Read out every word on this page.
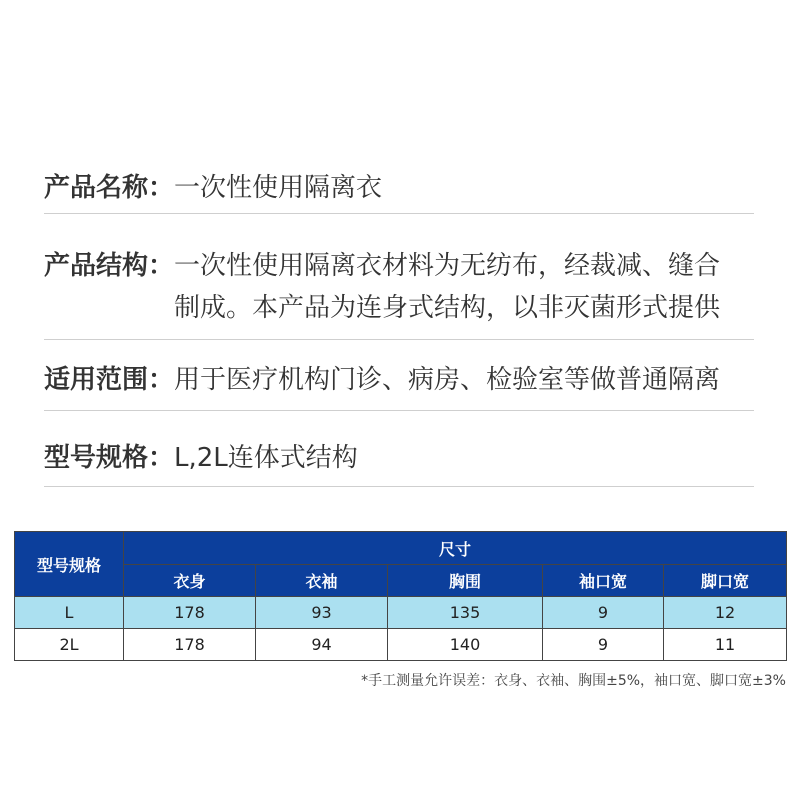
产品名称： 一次性使用隔离衣
产品结构： 一次性使用隔离衣材料为无纺布，经裁减、缝合
制成。本产品为连身式结构，以非灭菌形式提供
适用范围： 用于医疗机构门诊、病房、检验室等做普通隔离
型号规格： L,2L连体式结构
型号规格	尺寸				
	衣身	衣袖	胸围	袖口宽	脚口宽
L	178	93	135	9	12
2L	178	94	140	9	11
*手工测量允许误差：衣身、衣袖、胸围±5%，袖口宽、脚口宽±3%
